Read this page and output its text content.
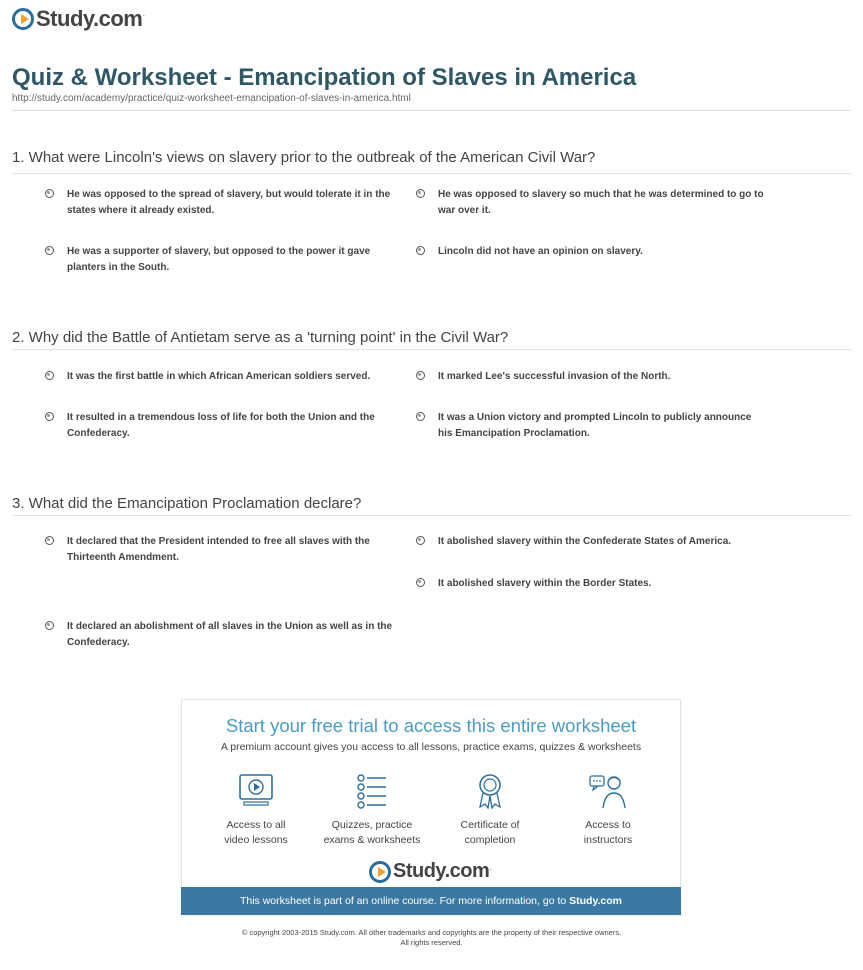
Study.com ·
Quiz & Worksheet - Emancipation of Slaves in America
http://study.com/academy/practice/quiz-worksheet-emancipation-of-slaves-in-america.html
1. What were Lincoln's views on slavery prior to the outbreak of the American Civil War?
He was opposed to the spread of slavery, but would tolerate it in the states where it already existed.
He was opposed to slavery so much that he was determined to go to war over it.
He was a supporter of slavery, but opposed to the power it gave planters in the South.
Lincoln did not have an opinion on slavery.
2. Why did the Battle of Antietam serve as a 'turning point' in the Civil War?
It was the first battle in which African American soldiers served.	It marked Lee's successful invasion of the North.
It resulted in a tremendous loss of life for both the Union and the Confederacy.
It was a Union victory and prompted Lincoln to publicly announce his Emancipation Proclamation.
3. What did the Emancipation Proclamation declare?
It declared that the President intended to free all slaves with the Thirteenth Amendment.
It abolished slavery within the Confederate States of America.
It abolished slavery within the Border States.
It declared an abolishment of all slaves in the Union as well as in the Confederacy.
Start your free trial to access this entire worksheet
A premium account gives you access to all lessons, practice exams, quizzes & worksheets
Access to all
video lessons
Quizzes, practice
exams & worksheets
Certificate of
completion
Access to
instructors
Study.com ·
This worksheet is part of an online course. For more information, go to Study.com
© copyright 2003-2015 Study.com. All other trademarks and copyrights are the property of their respective owners.
All rights reserved.
